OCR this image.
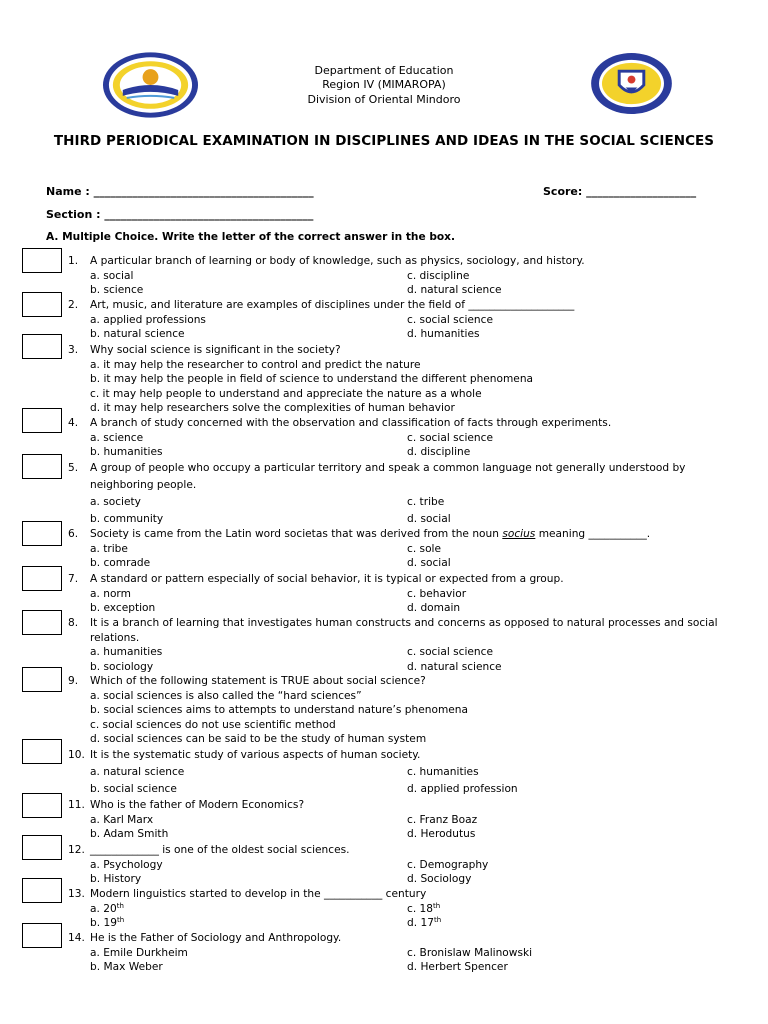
Department of Education
Region IV (MIMAROPA)
Division of Oriental Mindoro
THIRD PERIODICAL EXAMINATION IN DISCIPLINES AND IDEAS IN THE SOCIAL SCIENCES
Name : ________________________________________	Score: ____________________
Section : ______________________________________
A. Multiple Choice. Write the letter of the correct answer in the box.
1.	A particular branch of learning or body of knowledge, such as physics, sociology, and history.
a. social	c. discipline
b. science	d. natural science
2.	Art, music, and literature are examples of disciplines under the field of ____________________
a. applied professions	c. social science
b. natural science	d. humanities
3.	Why social science is significant in the society?
a. it may help the researcher to control and predict the nature
b. it may help the people in field of science to understand the different phenomena
c. it may help people to understand and appreciate the nature as a whole
d. it may help researchers solve the complexities of human behavior
4.	A branch of study concerned with the observation and classification of facts through experiments.
a. science	c. social science
b. humanities	d. discipline
5.	A group of people who occupy a particular territory and speak a common language not generally understood by neighboring people.
a. society	c. tribe
b. community	d. social
6.	Society is came from the Latin word societas that was derived from the noun socius meaning ___________.
a. tribe	c. sole
b. comrade	d. social
7.	A standard or pattern especially of social behavior, it is typical or expected from a group.
a. norm	c. behavior
b. exception	d. domain
8.	It is a branch of learning that investigates human constructs and concerns as opposed to natural processes and social relations.
a. humanities	c. social science
b. sociology	d. natural science
9.	Which of the following statement is TRUE about social science?
a. social sciences is also called the “hard sciences”
b. social sciences aims to attempts to understand nature’s phenomena
c. social sciences do not use scientific method
d. social sciences can be said to be the study of human system
10. It is the systematic study of various aspects of human society.
a. natural science	c. humanities
b. social science	d. applied profession
11. Who is the father of Modern Economics?
a. Karl Marx	c. Franz Boaz
b. Adam Smith	d. Herodutus
12. _____________ is one of the oldest social sciences.
a. Psychology	c. Demography
b. History	d. Sociology
13. Modern linguistics started to develop in the ___________ century
a. 20th	c. 18th
b. 19th	d. 17th
14. He is the Father of Sociology and Anthropology.
a. Emile Durkheim	c. Bronislaw Malinowski
b. Max Weber	d. Herbert Spencer
